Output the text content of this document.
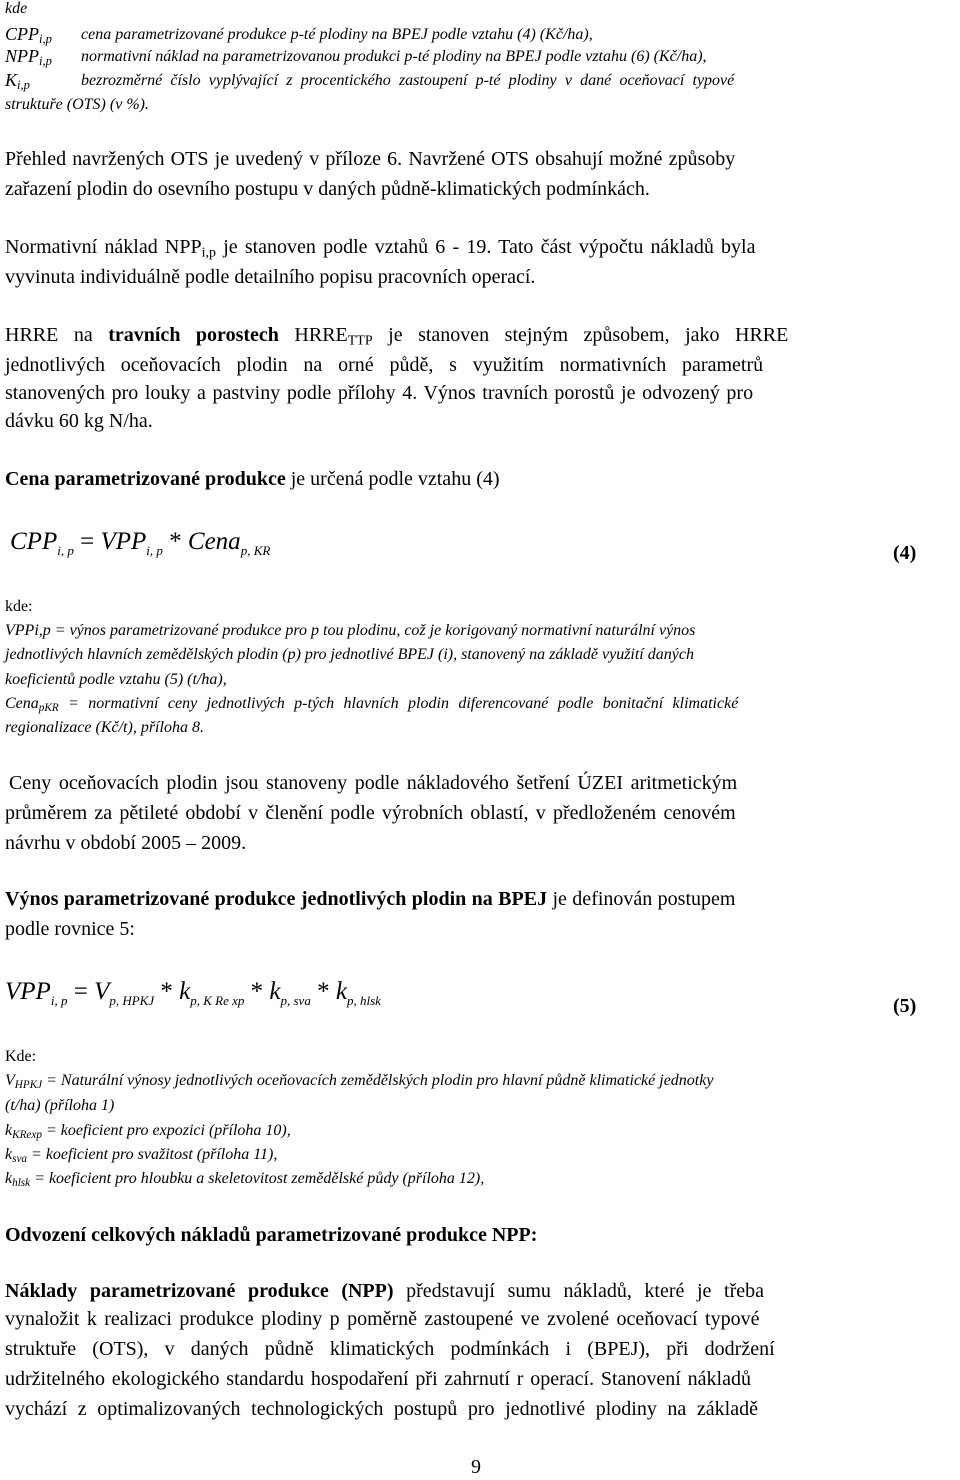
kde
$CPP_{i,p}$ cena parametrizované produkce p-té plodiny na BPEJ podle vztahu (4) (Kč/ha),
$NPP_{i,p}$ normativní náklad na parametrizovanou produkci p-té plodiny na BPEJ podle vztahu (6) (Kč/ha),
$K_{i,p}$	bezrozměrné číslo vyplývající z procentického zastoupení p-té plodiny v dané oceňovací typové
struktuře (OTS) (v %).
Přehled navržených OTS je uvedený v příloze 6. Navržené OTS obsahují možné způsoby
zařazení plodin do osevního postupu v daných půdně-klimatických podmínkách.
Normativní náklad $NPP_{i,p}$ je stanoven podle vztahů 6 - 19. Tato část výpočtu nákladů byla
vyvinuta individuálně podle detailního popisu pracovních operací.
HRRE na travních porostech $HRRE_{TTP}$ je stanoven stejným způsobem, jako HRRE
jednotlivých oceňovacích plodin na orné půdě, s využitím normativních parametrů
stanovených pro louky a pastviny podle přílohy 4. Výnos travních porostů je odvozený pro
dávku 60 kg N/ha.
Cena parametrizované produkce je určená podle vztahu (4)
$CPP_{i, p} = VPP_{i, p}$ * Cena$_{p, KR}$	(4)
kde:
VPPi,p = výnos parametrizované produkce pro p tou plodinu, což je korigovaný normativní naturální výnos
jednotlivých hlavních zemědělských plodin (p) pro jednotlivé BPEJ (i), stanovený na základě využití daných
koeficientů podle vztahu (5) (t/ha),
Cena$_{pKR}$ = normativní ceny jednotlivých p-tých hlavních plodin diferencované podle bonitační klimatické
regionalizace (Kč/t), příloha 8.
Ceny oceňovacích plodin jsou stanoveny podle nákladového šetření ÚZEI aritmetickým
průměrem za pětileté období v členění podle výrobních oblastí, v předloženém cenovém
návrhu v období 2005 – 2009.
Výnos parametrizované produkce jednotlivých plodin na BPEJ je definován postupem
podle rovnice 5:
$VPP_{i, p} = V_{p, HPKJ} * k_{p, K Re xp} * k_{p, sva} * k_{p, hlsk}$	(5)
Kde:
$V_{HPKJ}$ = Naturální výnosy jednotlivých oceňovacích zemědělských plodin pro hlavní půdně klimatické jednotky
(t/ha) (příloha 1)
$k_{KRexp}$ = koeficient pro expozici (příloha 10),
$k_{sva}$ = koeficient pro svažitost (příloha 11),
$k_{hlsk}$ = koeficient pro hloubku a skeletovitost zemědělské půdy (příloha 12),
Odvození celkových nákladů parametrizované produkce NPP:
Náklady parametrizované produkce (NPP) představují sumu nákladů, které je třeba
vynaložit k realizaci produkce plodiny p poměrně zastoupené ve zvolené oceňovací typové
struktuře (OTS), v daných půdně klimatických podmínkách i (BPEJ), při dodržení
udržitelného ekologického standardu hospodaření při zahrnutí r operací. Stanovení nákladů
vychází z optimalizovaných technologických postupů pro jednotlivé plodiny na základě
9
